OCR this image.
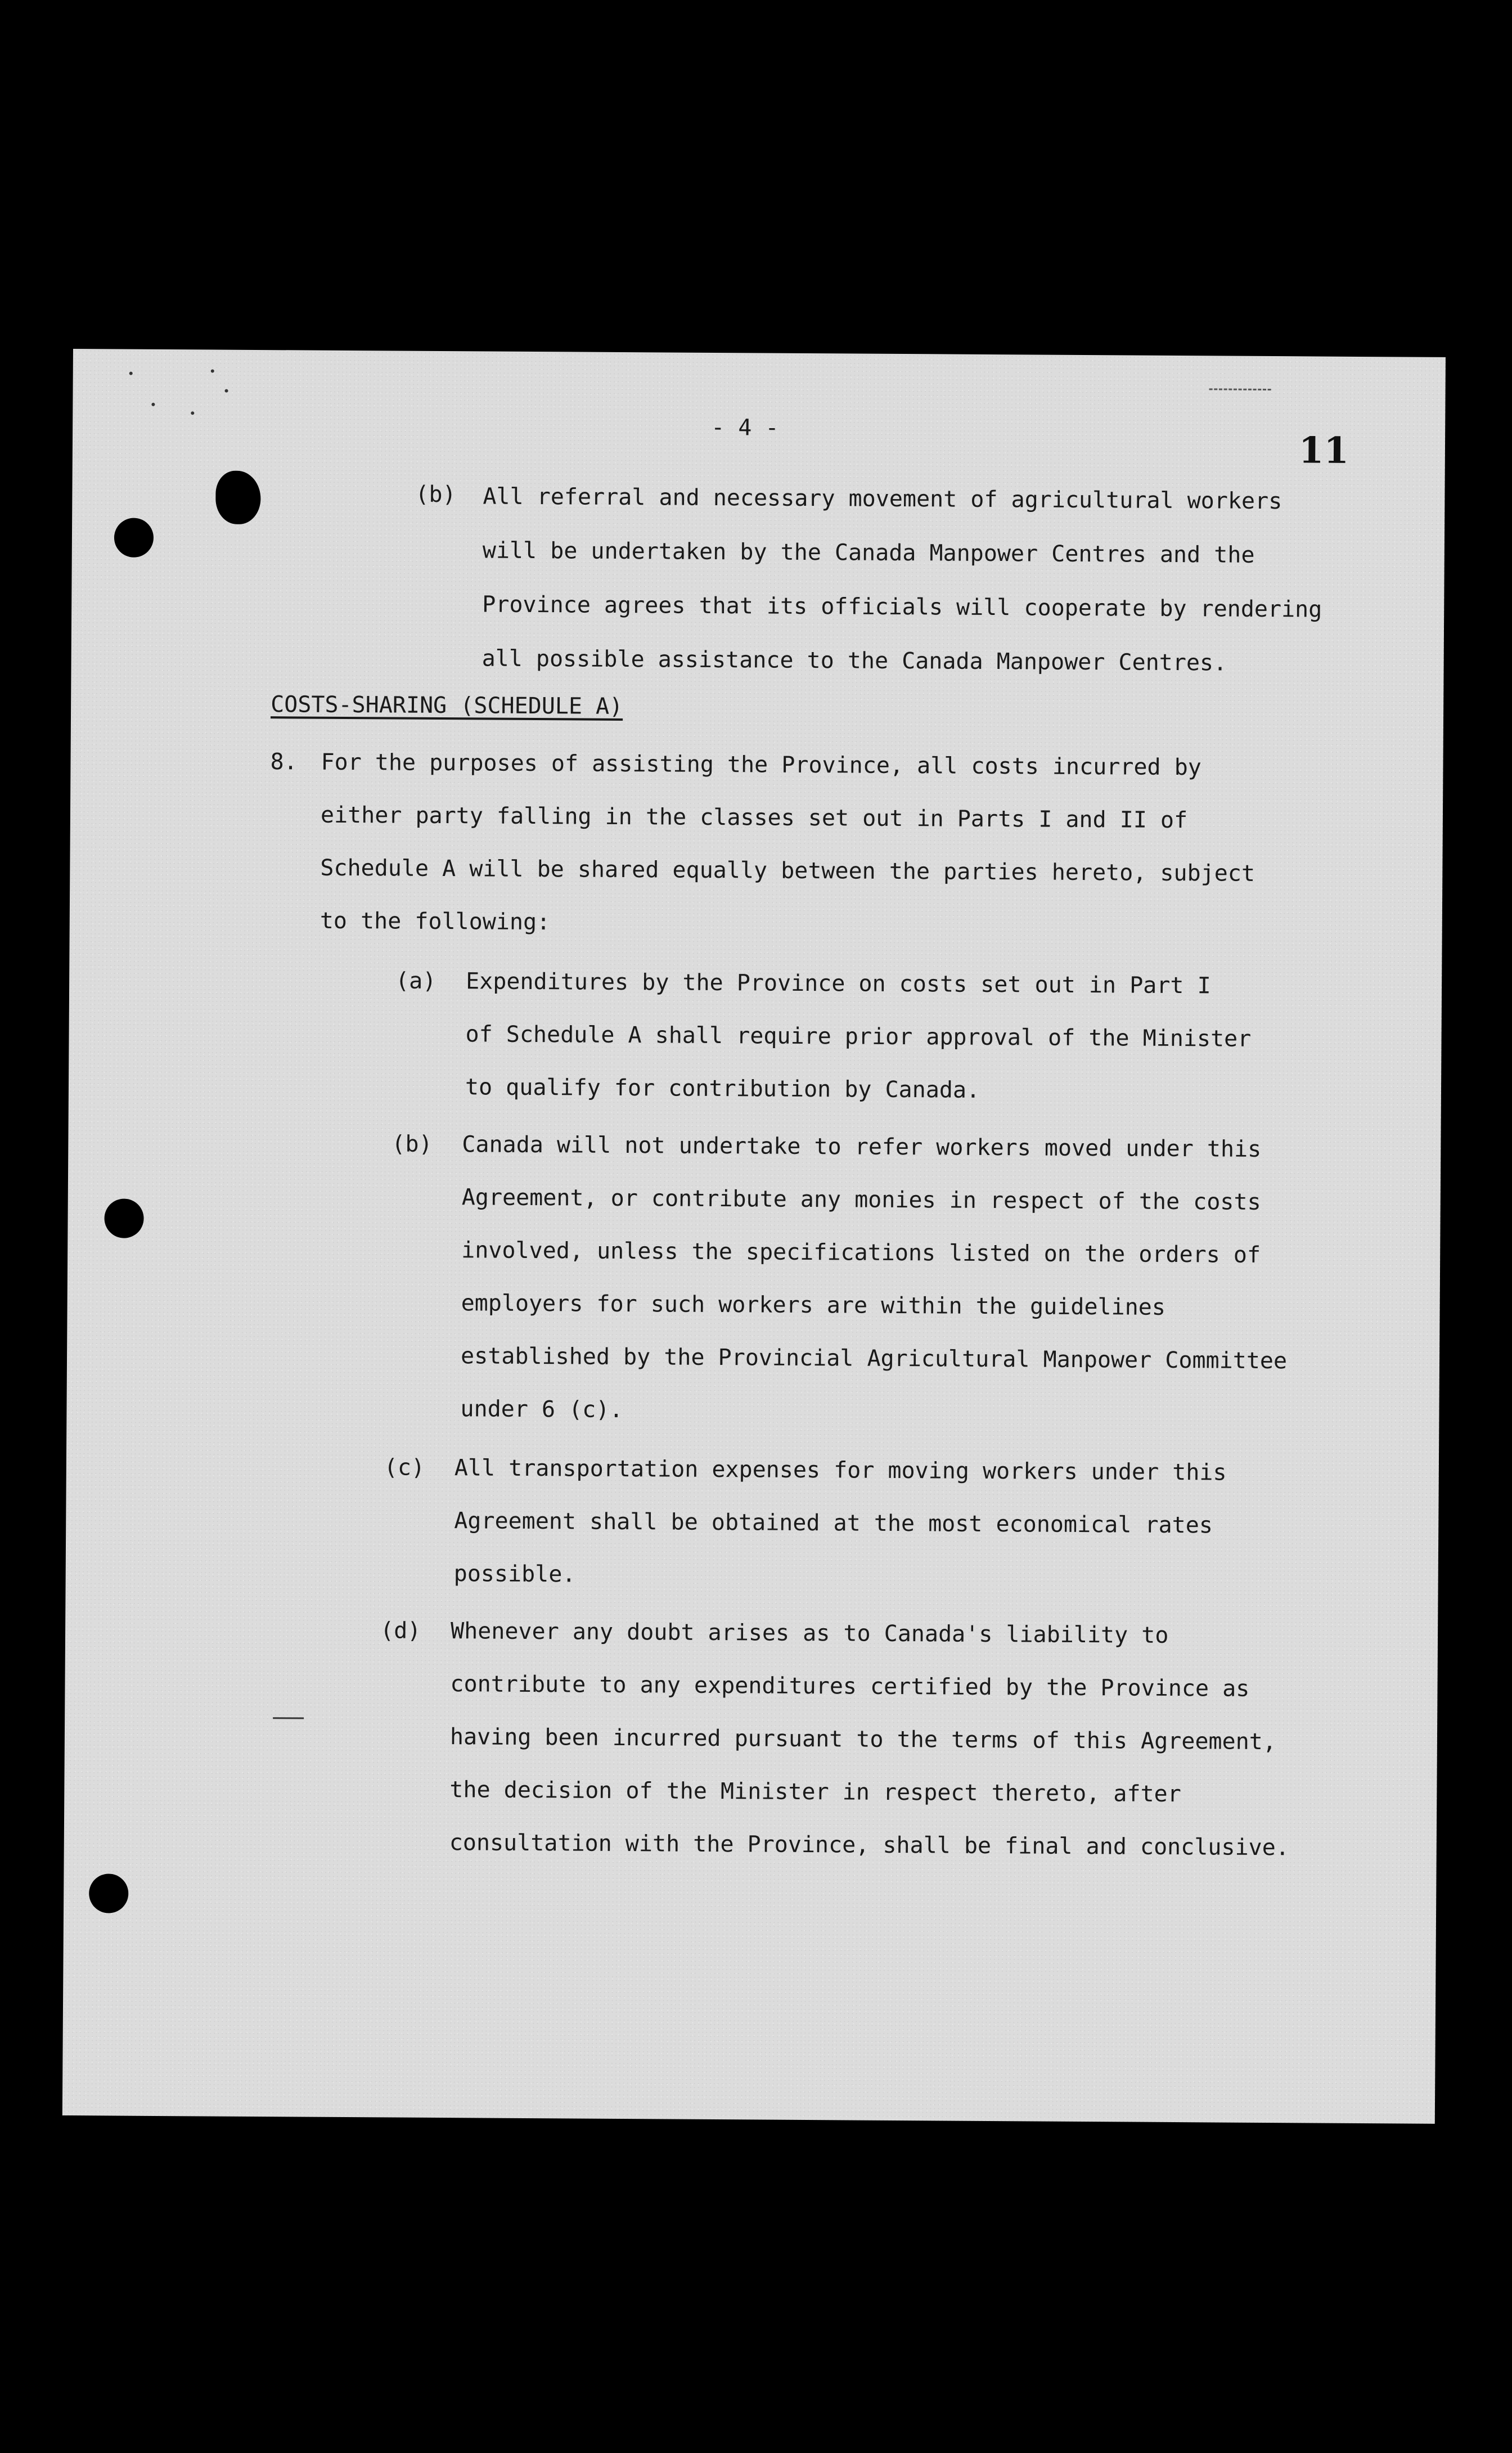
- 4 -
11
(b) All referral and necessary movement of agricultural workers
will be undertaken by the Canada Manpower Centres and the
Province agrees that its officials will cooperate by rendering
all possible assistance to the Canada Manpower Centres.
COSTS-SHARING (SCHEDULE A)
8. For the purposes of assisting the Province, all costs incurred by
either party falling in the classes set out in Parts I and II of
Schedule A will be shared equally between the parties hereto, subject
to the following:
(a) Expenditures by the Province on costs set out in Part I
of Schedule A shall require prior approval of the Minister
to qualify for contribution by Canada.
(b) Canada will not undertake to refer workers moved under this
Agreement, or contribute any monies in respect of the costs
involved, unless the specifications listed on the orders of
employers for such workers are within the guidelines
established by the Provincial Agricultural Manpower Committee
under 6 (c).
(c) All transportation expenses for moving workers under this
Agreement shall be obtained at the most economical rates
possible.
(d) Whenever any doubt arises as to Canada's liability to
contribute to any expenditures certified by the Province as
having been incurred pursuant to the terms of this Agreement,
the decision of the Minister in respect thereto, after
consultation with the Province, shall be final and conclusive.
